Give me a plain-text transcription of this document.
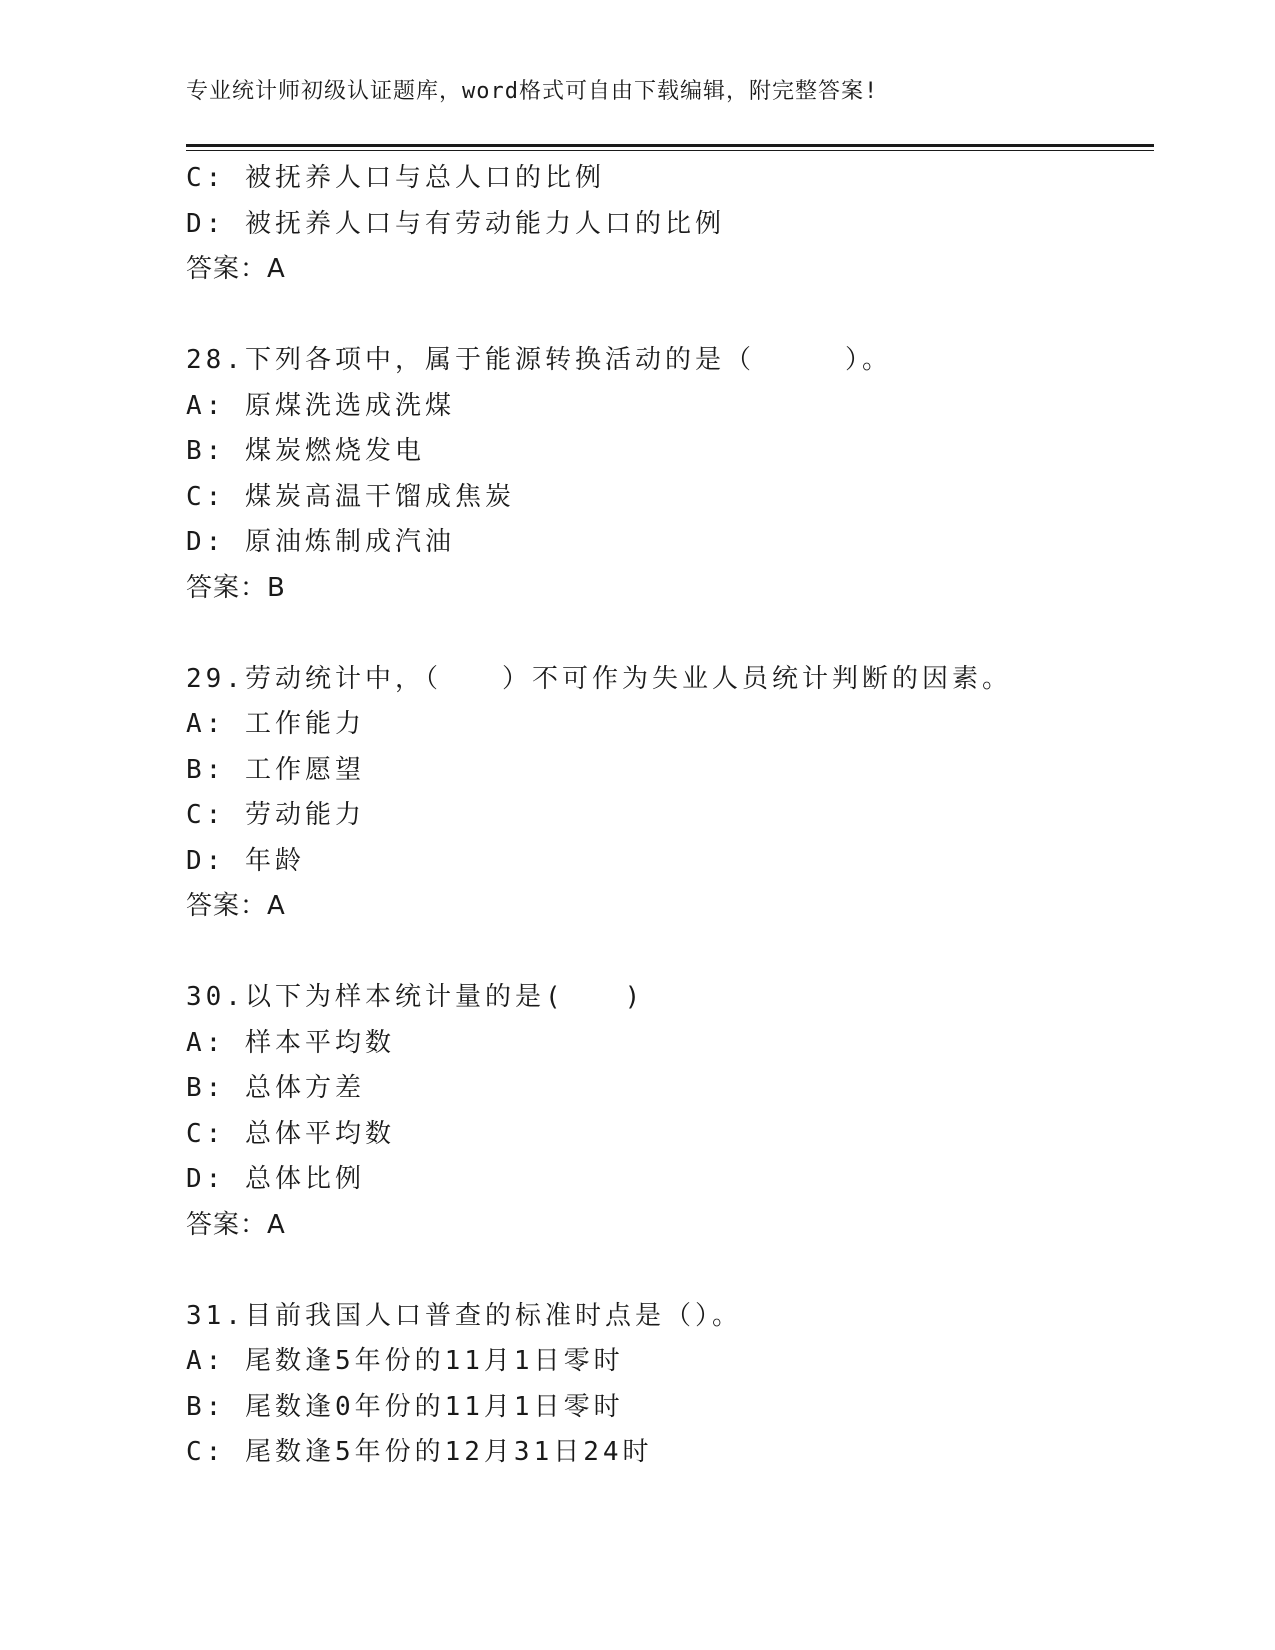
专业统计师初级认证题库，word格式可自由下载编辑，附完整答案!
C: 被抚养人口与总人口的比例
D: 被抚养人口与有劳动能力人口的比例
答案：A
28.下列各项中，属于能源转换活动的是（　　　）。
A: 原煤洗选成洗煤
B: 煤炭燃烧发电
C: 煤炭高温干馏成焦炭
D: 原油炼制成汽油
答案：B
29.劳动统计中，（　　）不可作为失业人员统计判断的因素。
A: 工作能力
B: 工作愿望
C: 劳动能力
D: 年龄
答案：A
30.以下为样本统计量的是(　　)
A: 样本平均数
B: 总体方差
C: 总体平均数
D: 总体比例
答案：A
31.目前我国人口普查的标准时点是（）。
A: 尾数逢5年份的11月1日零时
B: 尾数逢0年份的11月1日零时
C: 尾数逢5年份的12月31日24时
